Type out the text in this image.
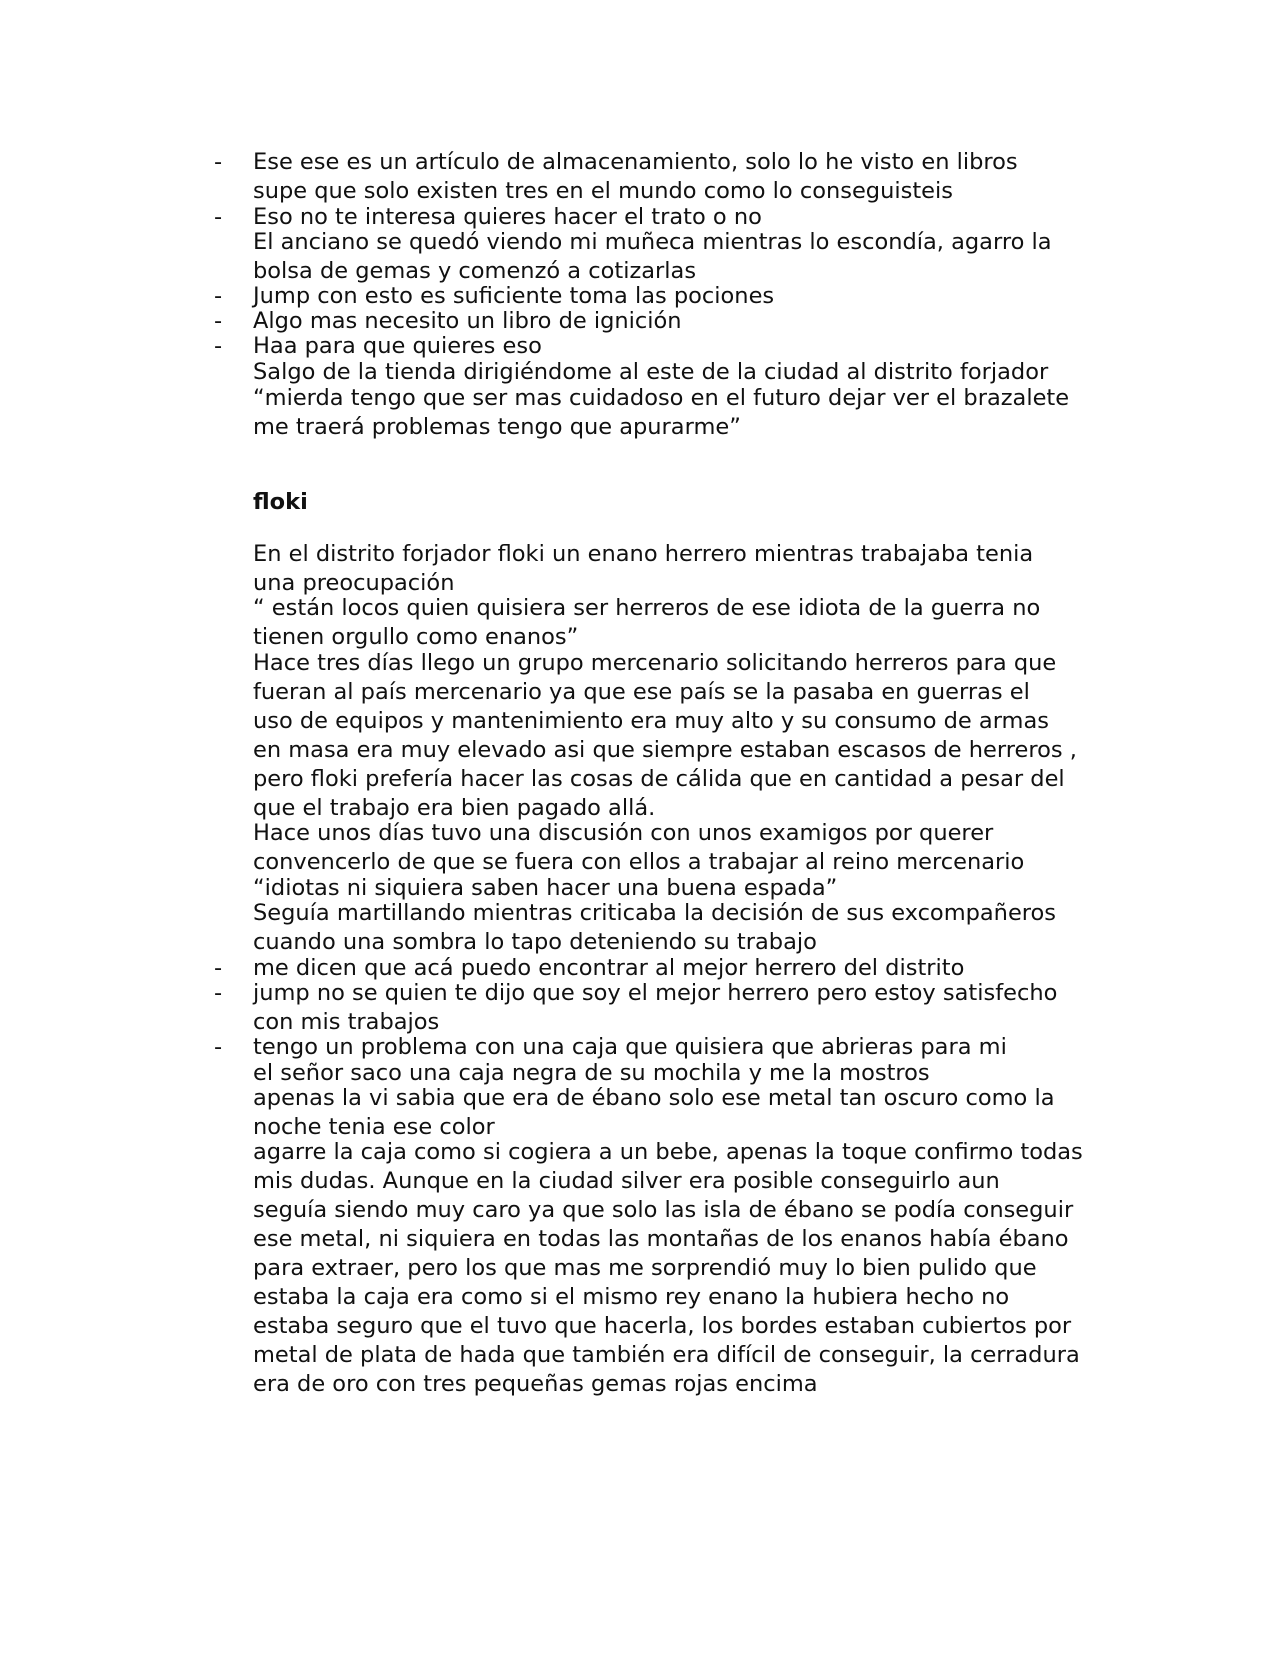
- Ese ese es un artículo de almacenamiento, solo lo he visto en libros
supe que solo existen tres en el mundo como lo conseguisteis
- Eso no te interesa quieres hacer el trato o no
El anciano se quedó viendo mi muñeca mientras lo escondía, agarro la
bolsa de gemas y comenzó a cotizarlas
- Jump con esto es suficiente toma las pociones
- Algo mas necesito un libro de ignición
- Haa para que quieres eso
Salgo de la tienda dirigiéndome al este de la ciudad al distrito forjador
“mierda tengo que ser mas cuidadoso en el futuro dejar ver el brazalete
me traerá problemas tengo que apurarme”
floki
En el distrito forjador floki un enano herrero mientras trabajaba tenia
una preocupación
“ están locos quien quisiera ser herreros de ese idiota de la guerra no
tienen orgullo como enanos”
Hace tres días llego un grupo mercenario solicitando herreros para que
fueran al país mercenario ya que ese país se la pasaba en guerras el
uso de equipos y mantenimiento era muy alto y su consumo de armas
en masa era muy elevado asi que siempre estaban escasos de herreros ,
pero floki prefería hacer las cosas de cálida que en cantidad a pesar del
que el trabajo era bien pagado allá.
Hace unos días tuvo una discusión con unos examigos por querer
convencerlo de que se fuera con ellos a trabajar al reino mercenario
“idiotas ni siquiera saben hacer una buena espada”
Seguía martillando mientras criticaba la decisión de sus excompañeros
cuando una sombra lo tapo deteniendo su trabajo
- me dicen que acá puedo encontrar al mejor herrero del distrito
- jump no se quien te dijo que soy el mejor herrero pero estoy satisfecho
con mis trabajos
- tengo un problema con una caja que quisiera que abrieras para mi
el señor saco una caja negra de su mochila y me la mostros
apenas la vi sabia que era de ébano solo ese metal tan oscuro como la
noche tenia ese color
agarre la caja como si cogiera a un bebe, apenas la toque confirmo todas
mis dudas. Aunque en la ciudad silver era posible conseguirlo aun
seguía siendo muy caro ya que solo las isla de ébano se podía conseguir
ese metal, ni siquiera en todas las montañas de los enanos había ébano
para extraer, pero los que mas me sorprendió muy lo bien pulido que
estaba la caja era como si el mismo rey enano la hubiera hecho no
estaba seguro que el tuvo que hacerla, los bordes estaban cubiertos por
metal de plata de hada que también era difícil de conseguir, la cerradura
era de oro con tres pequeñas gemas rojas encima
